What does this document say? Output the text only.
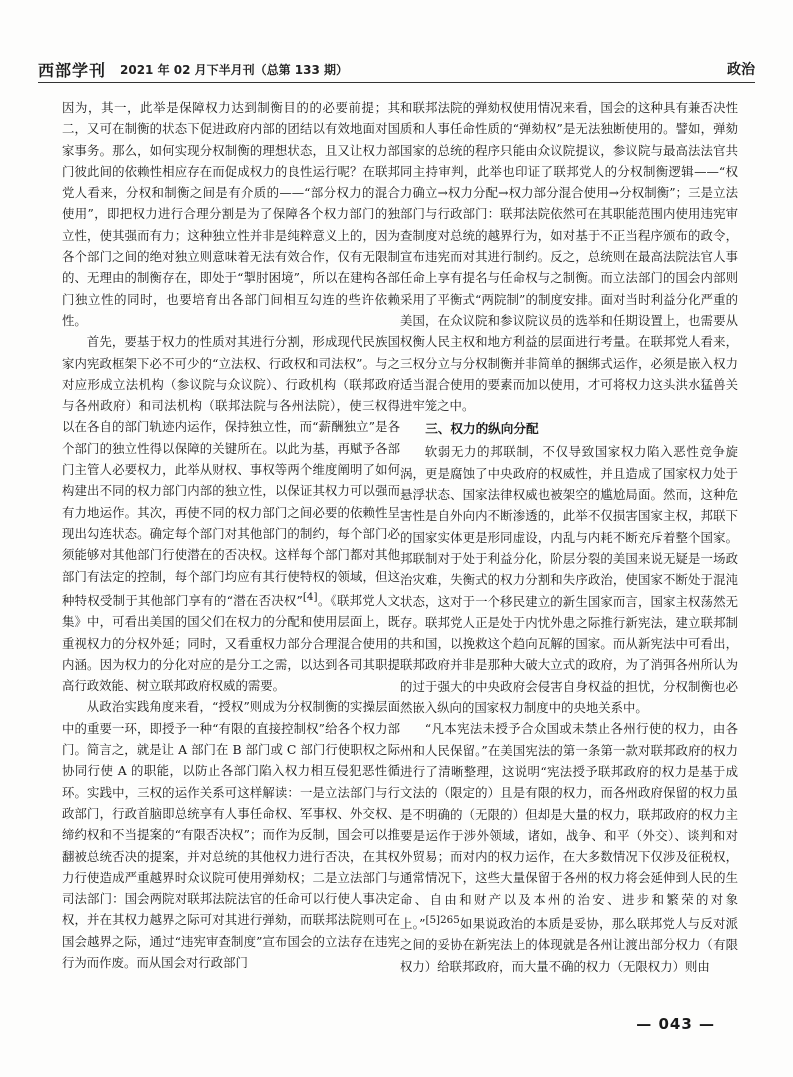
西部学刊 2021 年 02 月下半月刊（总第 133 期）	政治

因为，其一，此举是保障权力达到制衡目的的必要前提；其二，又可在制衡的状态下促进政府内部的团结以有效地面对国家事务。那么，如何实现分权制衡的理想状态，且又让权力部门彼此间的依赖性相应存在而促成权力的良性运行呢？在联邦党人看来，分权和制衡之间是有介质的——“部分权力的混合使用”，即把权力进行合理分割是为了保障各个权力部门的独立性，使其强而有力；这种独立性并非是纯粹意义上的，因为各个部门之间的绝对独立则意味着无法有效合作，仅有无限制的、无理由的制衡存在，即处于“掣肘困境”，所以在建构各部门独立性的同时，也要培育出各部门间相互勾连的些许依赖性。

首先，要基于权力的性质对其进行分割，形成现代民族国家内宪政框架下必不可少的“立法权、行政权和司法权”。与之对应形成立法机构（参议院与众议院）、行政机构（联邦政府与各州政府）和司法机构（联邦法院与各州法院），使三权得以在各自的部门轨迹内运作，保持独立性，而“薪酬独立”是各个部门的独立性得以保障的关键所在。以此为基，再赋予各部门主管人必要权力，此举从财权、事权等两个维度阐明了如何构建出不同的权力部门内部的独立性，以保证其权力可以强而有力地运作。其次，再使不同的权力部门之间必要的依赖性呈现出勾连状态。确定每个部门对其他部门的制约，每个部门必须能够对其他部门行使潜在的否决权。这样每个部门都对其他部门有法定的控制，每个部门均应有其行使特权的领域，但这种特权受制于其他部门享有的“潜在否决权”[4]。《联邦党人文集》中，可看出美国的国父们在权力的分配和使用层面上，既重视权力的分权外延；同时，又看重权力部分合理混合使用的内涵。因为权力的分化对应的是分工之需，以达到各司其职提高行政效能、树立联邦政府权威的需要。

从政治实践角度来看，“授权”则成为分权制衡的实操层面中的重要一环，即授予一种“有限的直接控制权”给各个权力部门。简言之，就是让 A 部门在 B 部门或 C 部门行使职权之际协同行使 A 的职能，以防止各部门陷入权力相互侵犯恶性循环。实践中，三权的运作关系可这样解读：一是立法部门与行政部门，行政首脑即总统享有人事任命权、军事权、外交权、缔约权和不当提案的“有限否决权”；而作为反制，国会可以推翻被总统否决的提案，并对总统的其他权力进行否决，在其权力行使造成严重越界时众议院可使用弹劾权；二是立法部门与司法部门：国会两院对联邦法院法官的任命可以行使人事决定权，并在其权力越界之际可对其进行弹劾，而联邦法院则可在国会越界之际，通过“违宪审查制度”宣布国会的立法存在违宪行为而作废。而从国会对行政部门

和联邦法院的弹劾权使用情况来看，国会的这种具有兼否决性质和人事任命性质的“弹劾权”是无法独断使用的。譬如，弹劾国家的总统的程序只能由众议院提议，参议院与最高法法官共同主持审判，此举也印证了联邦党人的分权制衡逻辑——“权力确立→权力分配→权力部分混合使用→分权制衡”；三是立法部门与行政部门：联邦法院依然可在其职能范围内使用违宪审查制度对总统的越界行为，如对基于不正当程序颁布的政令，宣布违宪而对其进行制约。反之，总统则在最高法院法官人事任命上享有提名与任命权与之制衡。而立法部门的国会内部则采用了平衡式“两院制”的制度安排。面对当时利益分化严重的美国，在众议院和参议院议员的选举和任期设置上，也需要从权衡人民主权和地方利益的层面进行考量。在联邦党人看来，三权分立与分权制衡并非简单的捆绑式运作，必须是嵌入权力适当混合使用的要素而加以使用，才可将权力这头洪水猛兽关进牢笼之中。

三、权力的纵向分配

软弱无力的邦联制，不仅导致国家权力陷入恶性竞争旋涡，更是腐蚀了中央政府的权威性，并且造成了国家权力处于悬浮状态、国家法律权威也被架空的尴尬局面。然而，这种危害性是自外向内不断渗透的，此举不仅损害国家主权，邦联下的国家实体更是形同虚设，内乱与内耗不断充斥着整个国家。邦联制对于处于利益分化，阶层分裂的美国来说无疑是一场政治灾难，失衡式的权力分割和失序政治，使国家不断处于混沌状态，这对于一个移民建立的新生国家而言，国家主权荡然无存。联邦党人正是处于内忧外患之际推行新宪法，建立联邦制共和国，以挽救这个趋向瓦解的国家。而从新宪法中可看出，联邦政府并非是那种大破大立式的政府，为了消弭各州所认为的过于强大的中央政府会侵害自身权益的担忧，分权制衡也必然嵌入纵向的国家权力制度中的央地关系中。

“凡本宪法未授予合众国或未禁止各州行使的权力，由各州和人民保留。”在美国宪法的第一条第一款对联邦政府的权力进行了清晰整理，这说明“宪法授予联邦政府的权力是基于成文法的（限定的）且是有限的权力，而各州政府保留的权力虽是不明确的（无限的）但却是大量的权力，联邦政府的权力主要是运作于涉外领域，诸如，战争、和平（外交）、谈判和对外贸易；而对内的权力运作，在大多数情况下仅涉及征税权，通常情况下，这些大量保留于各州的权力将会延伸到人民的生命、自由和财产以及本州的治安、进步和繁荣的对象上。”$^{[5]265}$如果说政治的本质是妥协，那么联邦党人与反对派之间的妥协在新宪法上的体现就是各州让渡出部分权力（有限权力）给联邦政府，而大量不确的权力（无限权力）则由

— 043 —
